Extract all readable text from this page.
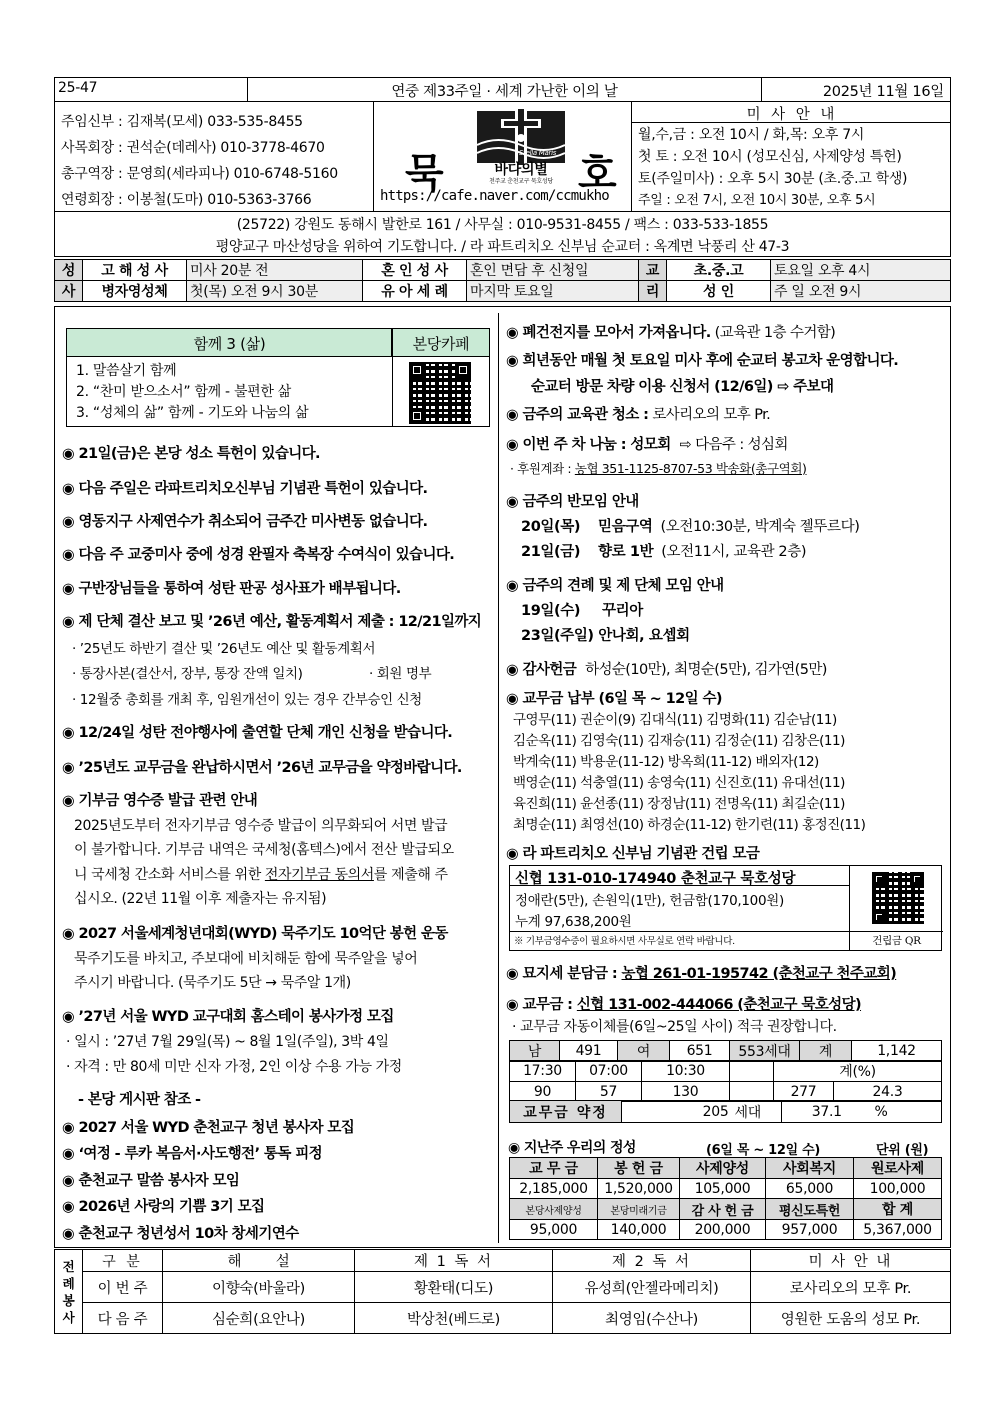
25-47	연중 제33주일 · 세계 가난한 이의 날	2025년 11월 16일
주임신부 : 김재복(모세) 033-535-8455
사목회장 : 권석순(데레사) 010-3778-4670
총구역장 : 문영희(세라피나) 010-6748-5160
연령회장 : 이봉철(도마) 010-5363-3766
묵	호
Stella Maris
바다의별
천주교 춘천교구 묵호성당
https://cafe.naver.com/ccmukho
미 사 안 내
월,수,금 : 오전 10시 / 화,목: 오후 7시
첫 토 : 오전 10시 (성모신심, 사제양성 특헌)
토(주일미사) : 오후 5시 30분 (초.중.고 학생)
주일 : 오전 7시, 오전 10시 30분, 오후 5시
(25722) 강원도 동해시 발한로 161 / 사무실 : 010-9531-8455 / 팩스 : 033-533-1855
평양교구 마산성당을 위하여 기도합니다. / 라 파트리치오 신부님 순교터 : 옥계면 낙풍리 산 47-3
성	고 해 성 사	미사 20분 전	혼 인 성 사	혼인 면담 후 신청일	교	초.중.고	토요일 오후 4시
사	병자영성체	첫(목) 오전 9시 30분	유 아 세 례	마지막 토요일	리	성 인	주 일 오전 9시
함께 3 (삶)	본당카페
1. 말씀살기 함께
2. “찬미 받으소서” 함께 - 불편한 삶
3. “성체의 삶” 함께 - 기도와 나눔의 삶
◉ 21일(금)은 본당 성소 특헌이 있습니다.
◉ 다음 주일은 라파트리치오신부님 기념관 특헌이 있습니다.
◉ 영동지구 사제연수가 취소되어 금주간 미사변동 없습니다.
◉ 다음 주 교중미사 중에 성경 완필자 축복장 수여식이 있습니다.
◉ 구반장님들을 통하여 성탄 판공 성사표가 배부됩니다.
◉ 제 단체 결산 보고 및 ’26년 예산, 활동계획서 제출 : 12/21일까지
· ’25년도 하반기 결산 및 ’26년도 예산 및 활동계획서
· 통장사본(결산서, 장부, 통장 잔액 일치)	· 회원 명부
· 12월중 총회를 개최 후, 임원개선이 있는 경우 간부승인 신청
◉ 12/24일 성탄 전야행사에 출연할 단체 개인 신청을 받습니다.
◉ ’25년도 교무금을 완납하시면서 ’26년 교무금을 약정바랍니다.
◉ 기부금 영수증 발급 관련 안내
2025년도부터 전자기부금 영수증 발급이 의무화되어 서면 발급
이 불가합니다. 기부금 내역은 국세청(홈텍스)에서 전산 발급되오
니 국세청 간소화 서비스를 위한 전자기부금 동의서를 제출해 주
십시오. (22년 11월 이후 제출자는 유지됨)
◉ 2027 서울세계청년대회(WYD) 묵주기도 10억단 봉헌 운동
묵주기도를 바치고, 주보대에 비치해둔 함에 묵주알을 넣어
주시기 바랍니다. (묵주기도 5단 → 묵주알 1개)
◉ ’27년 서울 WYD 교구대회 홈스테이 봉사가정 모집
· 일시 : ’27년 7월 29일(목) ~ 8월 1일(주일), 3박 4일
· 자격 : 만 80세 미만 신자 가정, 2인 이상 수용 가능 가정
- 본당 게시판 참조 -
◉ 2027 서울 WYD 춘천교구 청년 봉사자 모집
◉ ‘여정 - 루카 복음서·사도행전’ 통독 피정
◉ 춘천교구 말씀 봉사자 모임
◉ 2026년 사랑의 기쁨 3기 모집
◉ 춘천교구 청년성서 10차 창세기연수
◉ 폐건전지를 모아서 가져옵니다. (교육관 1층 수거함)
◉ 희년동안 매월 첫 토요일 미사 후에 순교터 봉고차 운영합니다.
순교터 방문 차량 이용 신청서 (12/6일) ⇨ 주보대
◉ 금주의 교육관 청소 : 로사리오의 모후 Pr.
◉ 이번 주 차 나눔 : 성모회 ⇨ 다음주 : 성심회
· 후원계좌 : 농협 351-1125-8707-53 박송화(총구역회)
◉ 금주의 반모임 안내
20일(목) 믿음구역 (오전10:30분, 박계숙 젤뚜르다)
21일(금) 향로 1반 (오전11시, 교육관 2층)
◉ 금주의 견례 및 제 단체 모임 안내
19일(수) 꾸리아
23일(주일) 안나회, 요셉회
◉ 감사헌금 하성순(10만), 최명순(5만), 김가연(5만)
◉ 교무금 납부 (6일 목 ~ 12일 수)
구영무(11) 권순이(9) 김대식(11) 김명화(11) 김순남(11)
김순옥(11) 김영숙(11) 김재승(11) 김정순(11) 김창은(11)
박계숙(11) 박용운(11-12) 방옥희(11-12) 배외자(12)
백영순(11) 석충열(11) 송영숙(11) 신진호(11) 유대선(11)
육진희(11) 윤선종(11) 장정남(11) 전명옥(11) 최길순(11)
최명순(11) 최영선(10) 하경순(11-12) 한기련(11) 홍정진(11)
◉ 라 파트리치오 신부님 기념관 건립 모금
신협 131-010-174940 춘천교구 묵호성당
정애란(5만), 손원익(1만), 헌금함(170,100원)
누계 97,638,200원
※ 기부금영수증이 필요하시면 사무실로 연락 바랍니다.	건립금 QR
◉ 묘지세 분담금 : 농협 261-01-195742 (춘천교구 천주교회)
◉ 교무금 : 신협 131-002-444066 (춘천교구 묵호성당)
· 교무금 자동이체를(6일~25일 사이) 적극 권장합니다.
남	491	여	651	553세대	계	1,142
17:30	07:00	10:30		계(%)	
90	57	130		277	24.3
교무금 약정	205	세대	37.1	%
◉ 지난주 우리의 정성	(6일 목 ~ 12일 수)	단위 (원)
교 무 금	봉 헌 금	사제양성	사회복지	원로사제
2,185,000	1,520,000	105,000	65,000	100,000
본당사제양성	본당미래기금	감 사 헌 금	평신도특헌	합 계
95,000	140,000	200,000	957,000	5,367,000
전례봉사	구 분	해        설	제 1 독 서	제 2 독 서	미 사 안 내
	이 번 주	이향숙(바울라)	황환태(디도)	유성희(안젤라메리치)	로사리오의 모후 Pr.
	다 음 주	심순희(요안나)	박상천(베드로)	최영임(수산나)	영원한 도움의 성모 Pr.
